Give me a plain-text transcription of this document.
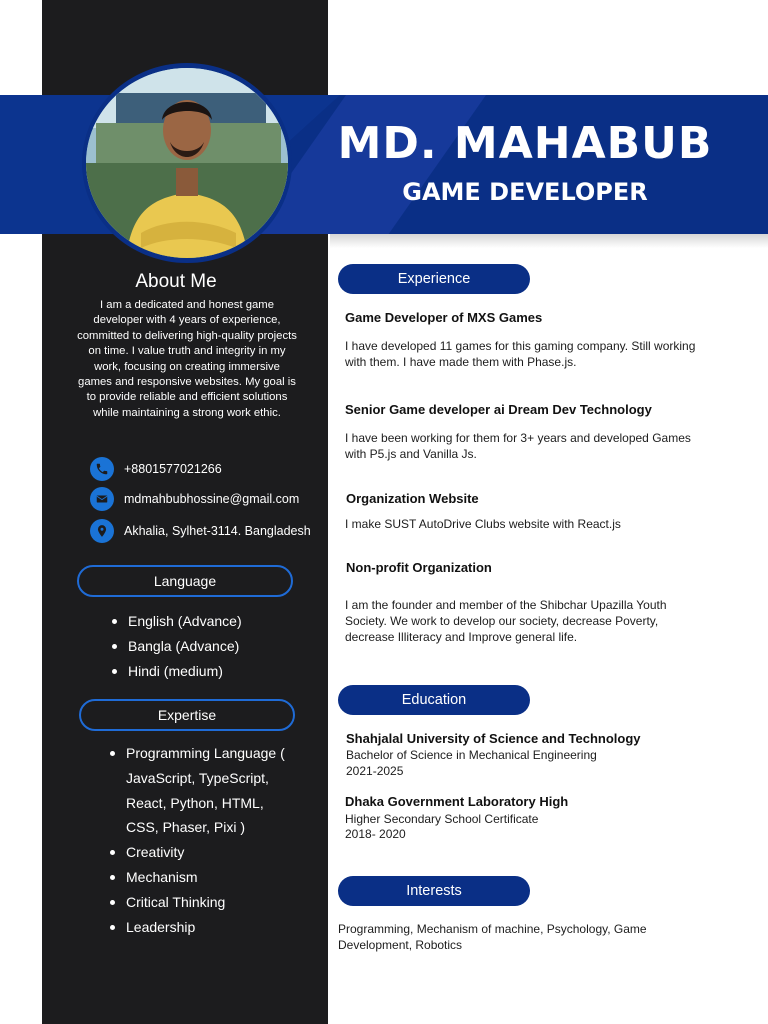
MD. MAHABUB
GAME DEVELOPER
About Me
I am a dedicated and honest game developer with 4 years of experience, committed to delivering high-quality projects on time. I value truth and integrity in my work, focusing on creating immersive games and responsive websites. My goal is to provide reliable and efficient solutions while maintaining a strong work ethic.
+8801577021266
mdmahbubhossine@gmail.com
Akhalia, Sylhet-3114. Bangladesh
Language
English (Advance)
Bangla (Advance)
Hindi (medium)
Expertise
Programming Language ( JavaScript, TypeScript, React, Python, HTML, CSS, Phaser, Pixi )
Creativity
Mechanism
Critical Thinking
Leadership
Experience
Game Developer of MXS Games
I have developed 11 games for this gaming company. Still working with them. I have made them with Phase.js.
Senior Game developer ai Dream Dev Technology
I have been working for them for 3+ years and developed Games with P5.js and Vanilla Js.
Organization Website
I make SUST AutoDrive Clubs website with React.js
Non-profit Organization
I am the founder and member of the Shibchar Upazilla Youth Society. We work to develop our society, decrease Poverty, decrease Illiteracy and Improve general life.
Education
Shahjalal University of Science and Technology
Bachelor of Science in Mechanical Engineering
2021-2025
Dhaka Government Laboratory High
Higher Secondary School Certificate
2018- 2020
Interests
Programming, Mechanism of machine, Psychology, Game Development, Robotics
